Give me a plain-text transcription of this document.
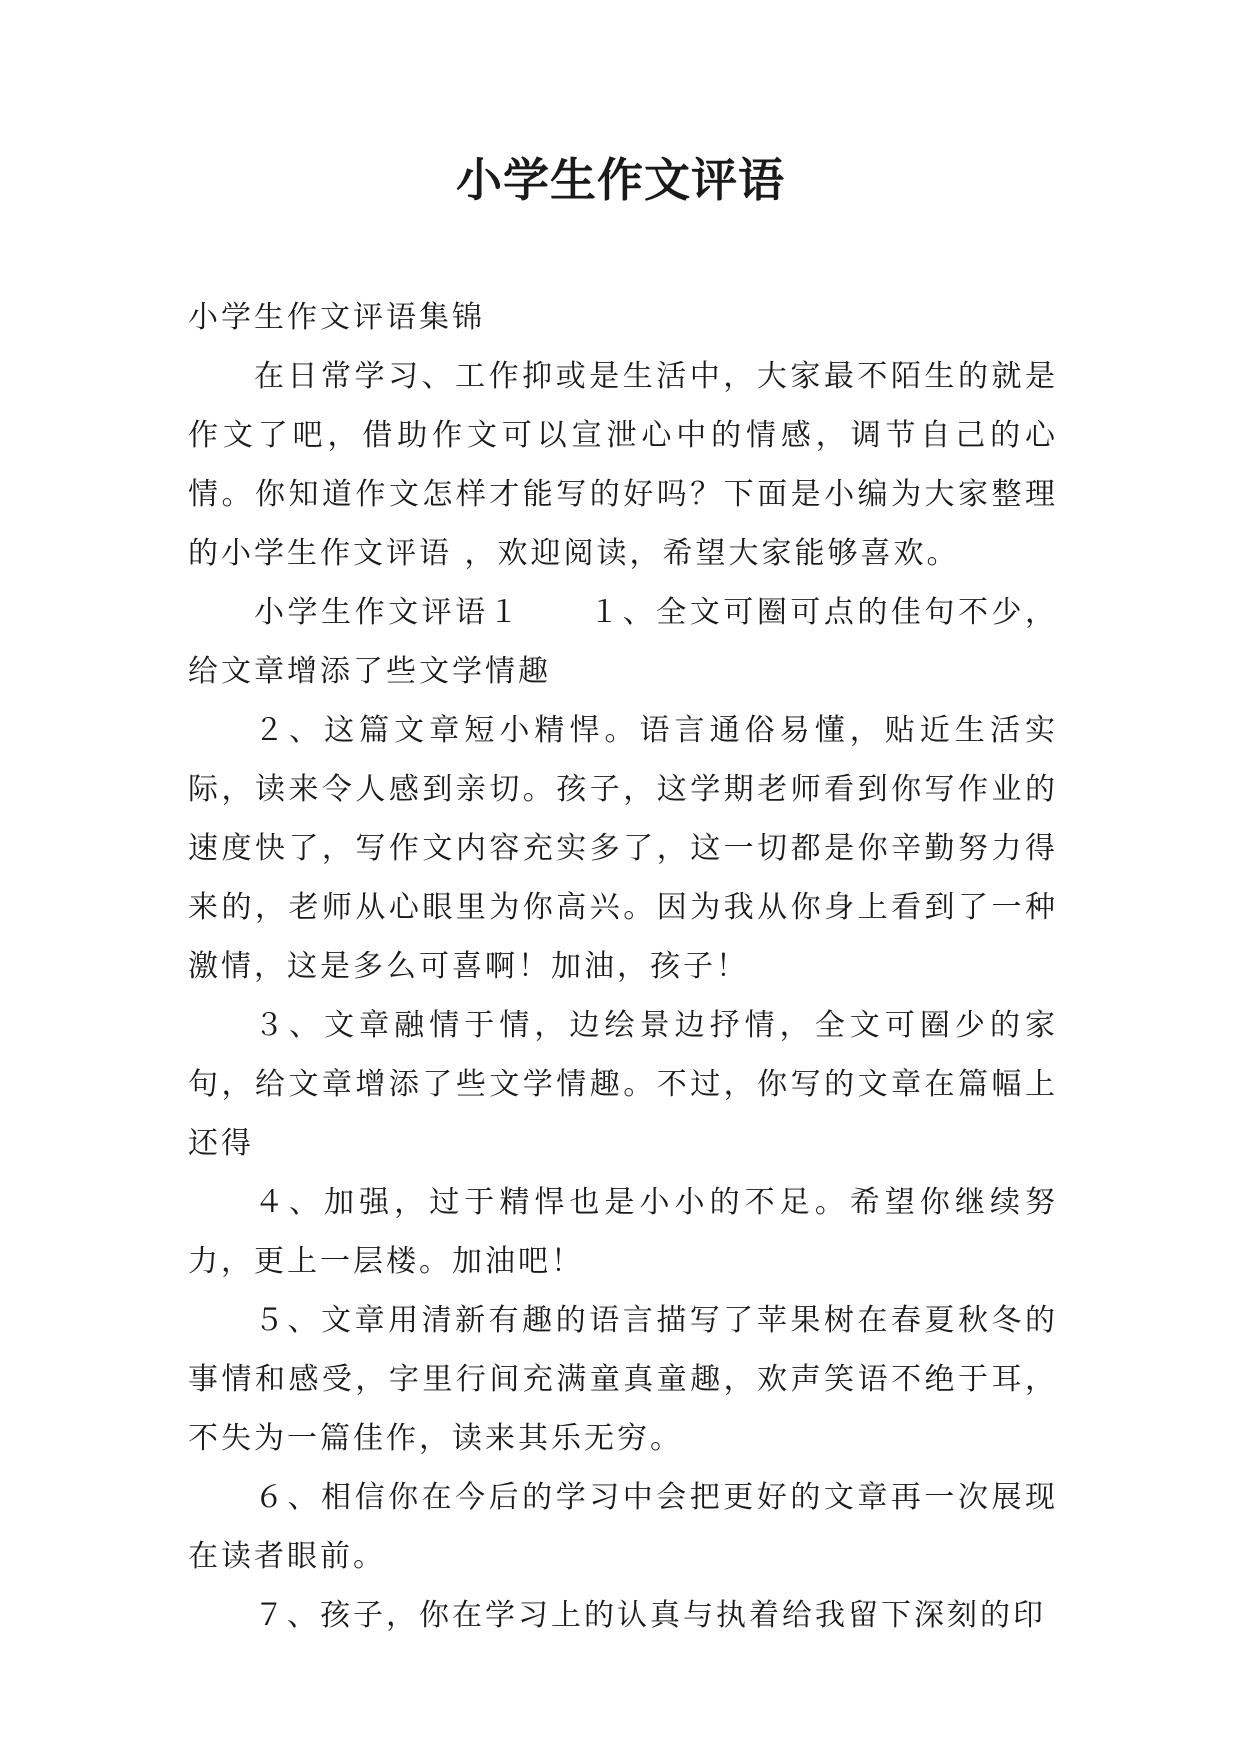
小学生作文评语

小学生作文评语集锦

在日常学习、工作抑或是生活中，大家最不陌生的就是作文了吧，借助作文可以宣泄心中的情感，调节自己的心情。你知道作文怎样才能写的好吗？下面是小编为大家整理的小学生作文评语 ，欢迎阅读，希望大家能够喜欢。

小学生作文评语１　　１、全文可圈可点的佳句不少，给文章增添了些文学情趣

２、这篇文章短小精悍。语言通俗易懂，贴近生活实际，读来令人感到亲切。孩子，这学期老师看到你写作业的速度快了，写作文内容充实多了，这一切都是你辛勤努力得来的，老师从心眼里为你高兴。因为我从你身上看到了一种激情，这是多么可喜啊！加油，孩子！

３、文章融情于情，边绘景边抒情，全文可圈少的家句，给文章增添了些文学情趣。不过，你写的文章在篇幅上还得

４、加强，过于精悍也是小小的不足。希望你继续努力，更上一层楼。加油吧！

５、文章用清新有趣的语言描写了苹果树在春夏秋冬的事情和感受，字里行间充满童真童趣，欢声笑语不绝于耳，不失为一篇佳作，读来其乐无穷。

６、相信你在今后的学习中会把更好的文章再一次展现在读者眼前。

７、孩子，你在学习上的认真与执着给我留下深刻的印
